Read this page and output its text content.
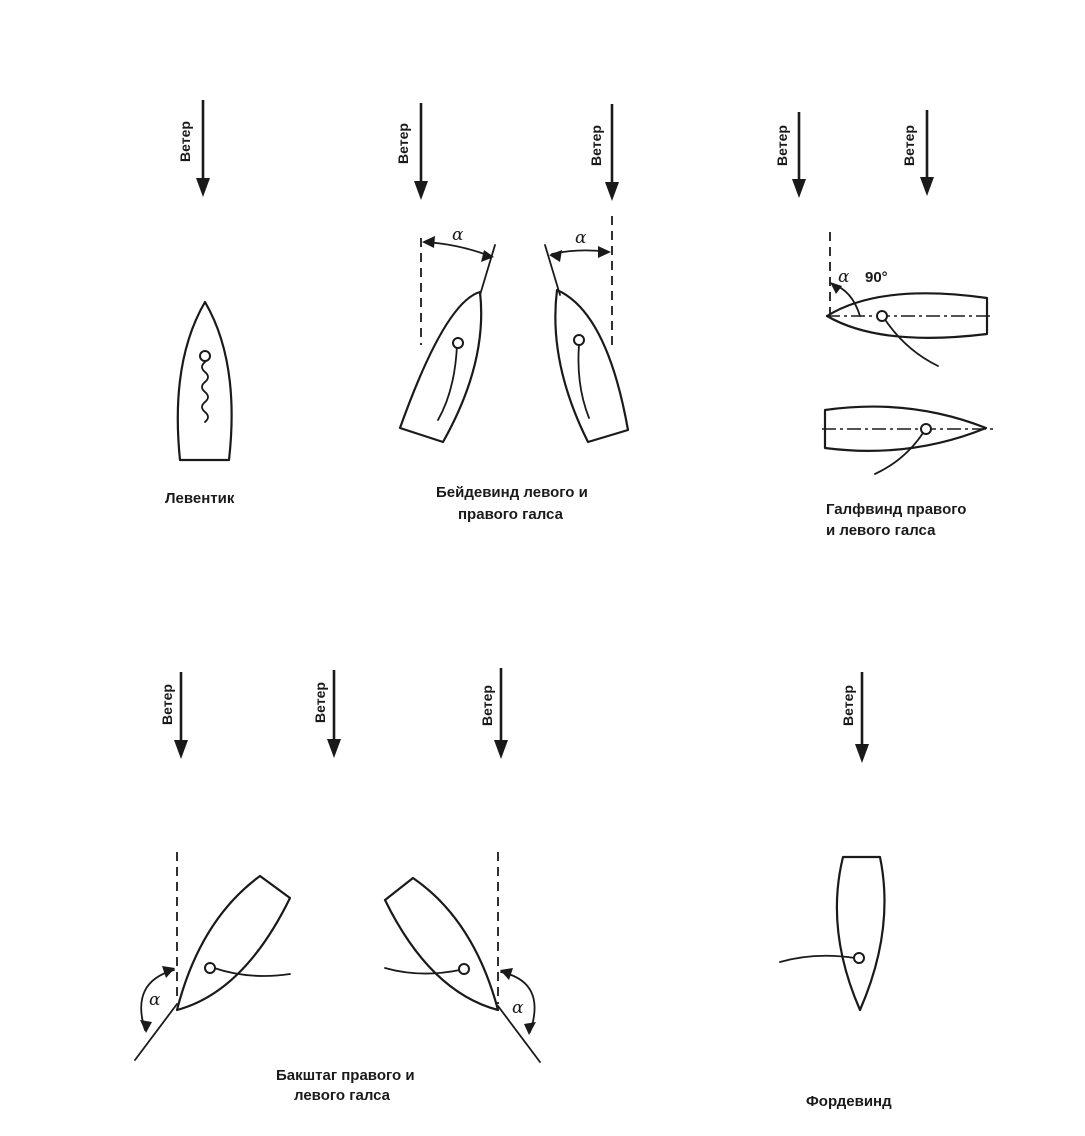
Ветер	Ветер	Ветер	Ветер	Ветер
Ветер	Ветер	Ветер	Ветер
Левентик
α	α
Бейдевинд левого и
правого галса
α 90°
Галфвинд правого
и левого галса
α	α
Бакштаг правого и
левого галса	Фордевинд
